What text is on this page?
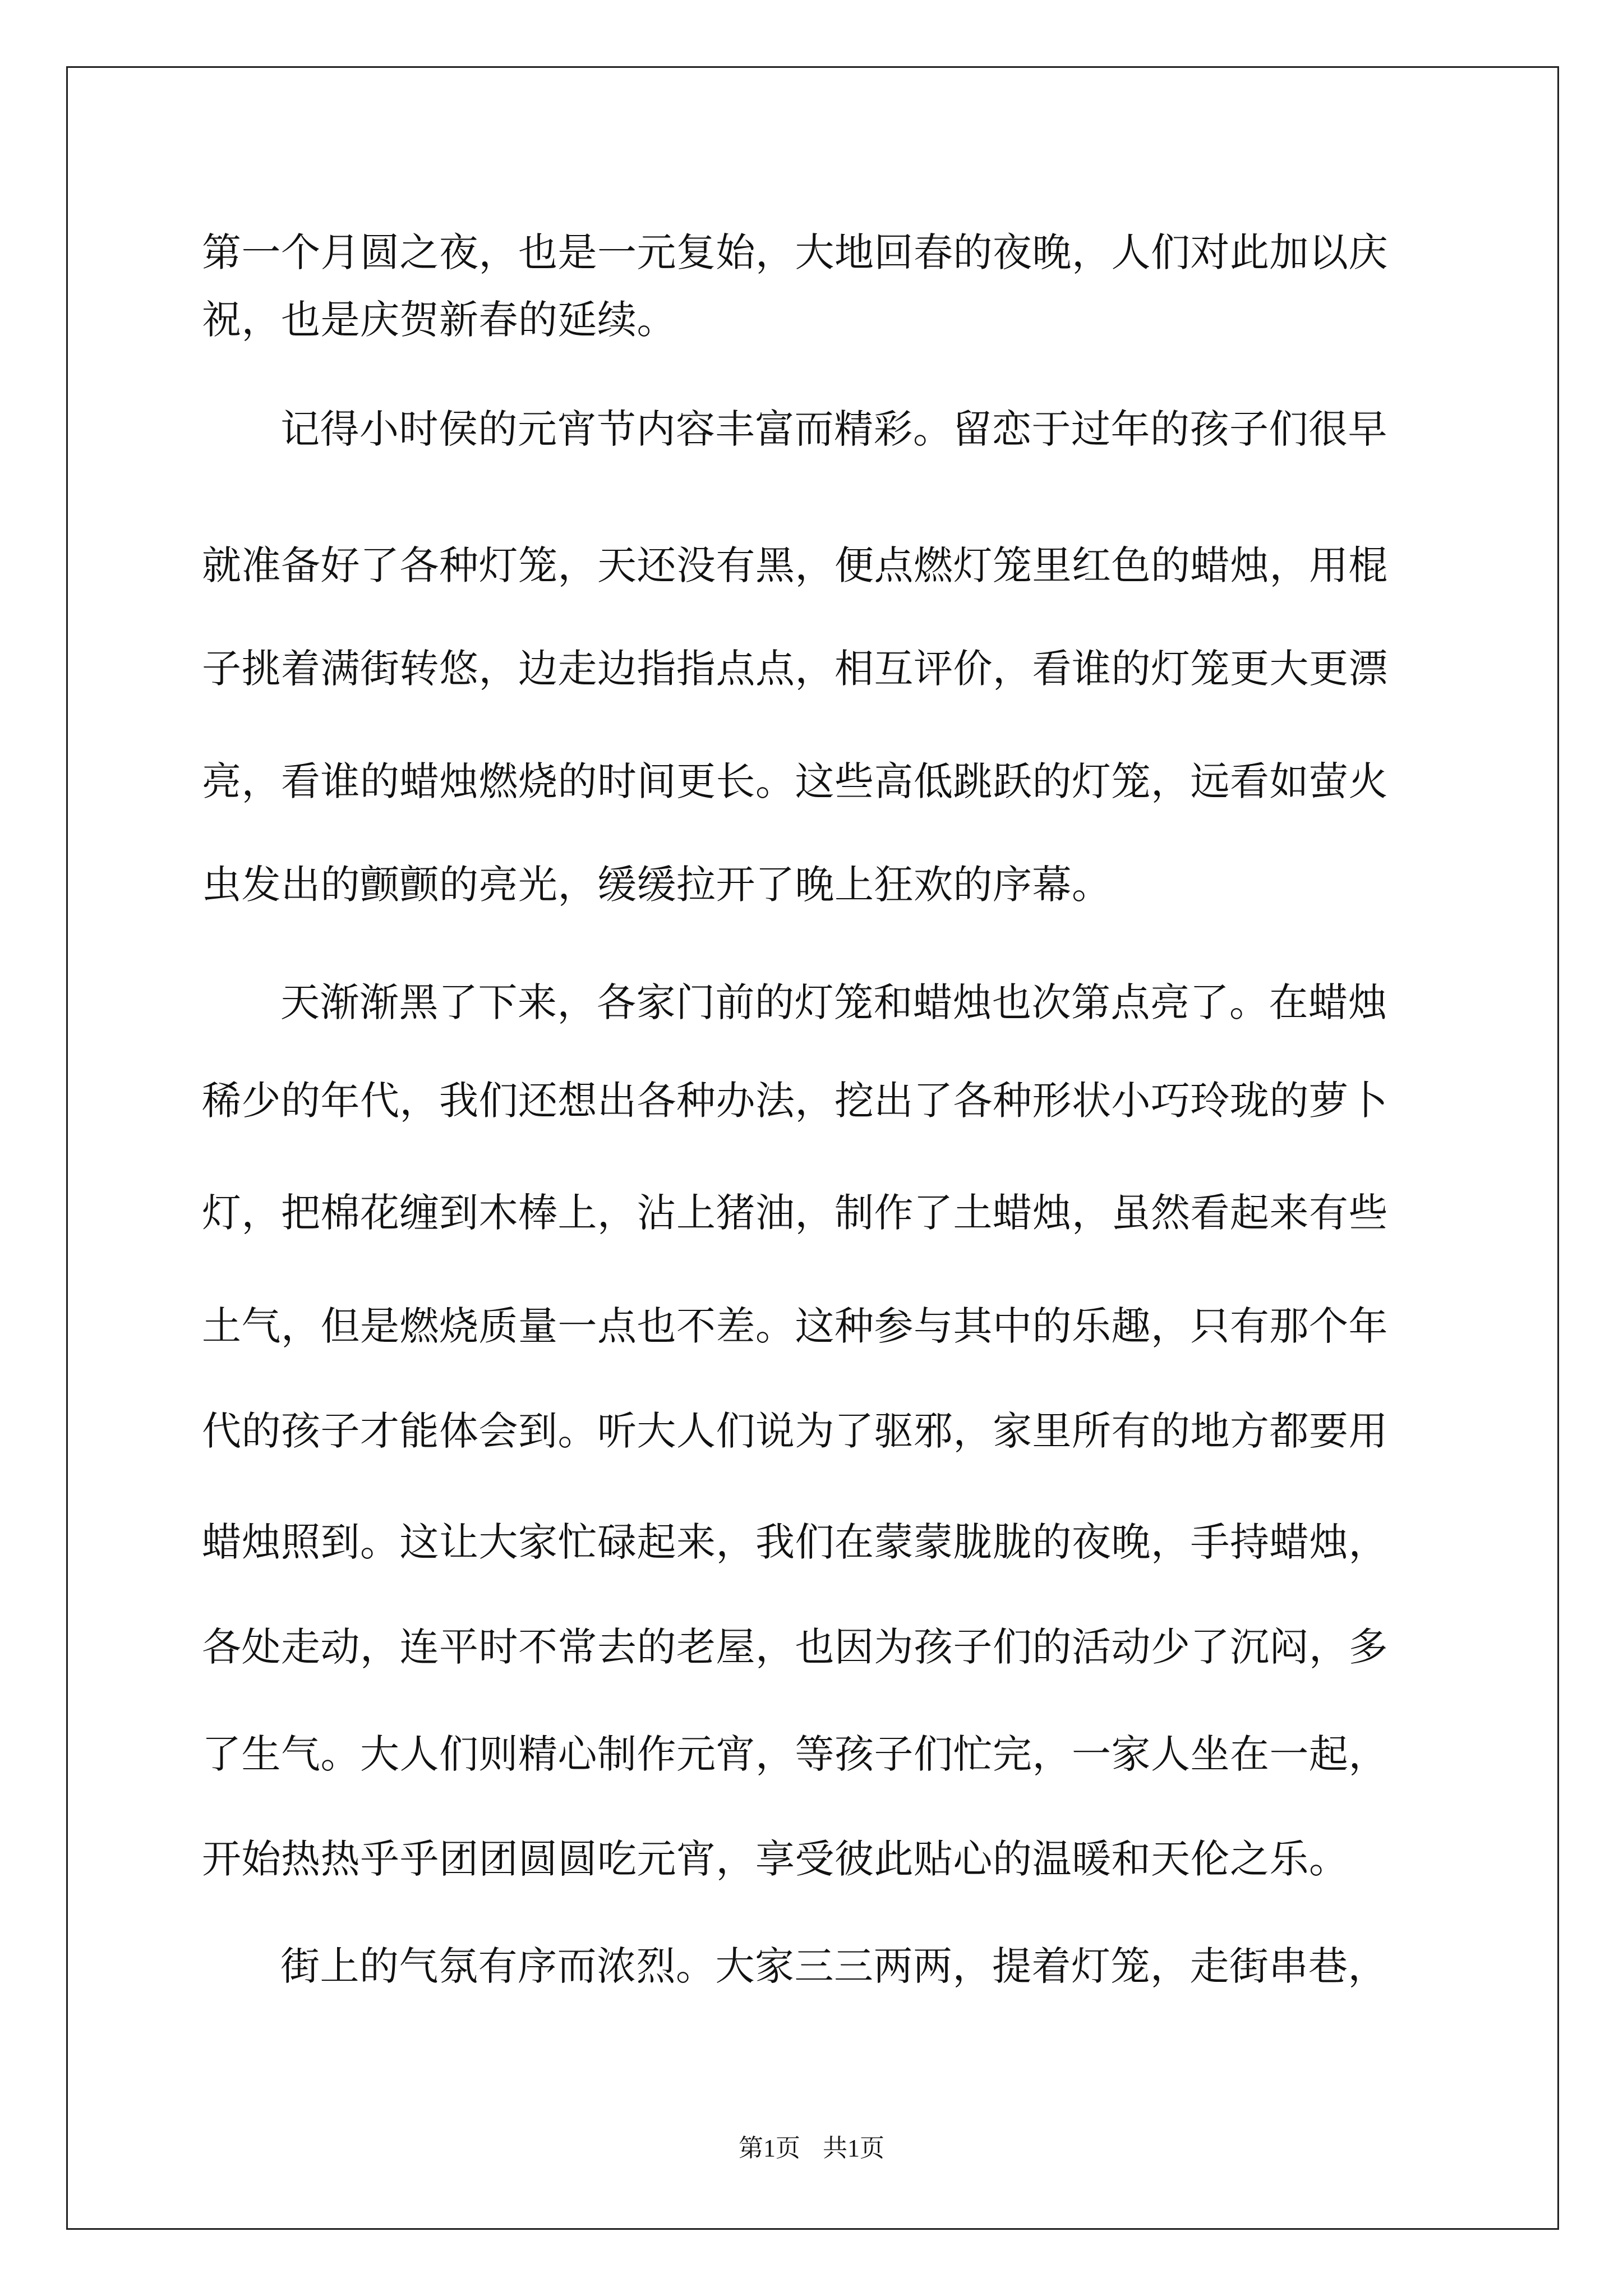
第一个月圆之夜，也是一元复始，大地回春的夜晚，人们对此加以庆
祝，也是庆贺新春的延续。
记得小时侯的元宵节内容丰富而精彩。留恋于过年的孩子们很早
就准备好了各种灯笼，天还没有黑，便点燃灯笼里红色的蜡烛，用棍
子挑着满街转悠，边走边指指点点，相互评价，看谁的灯笼更大更漂
亮，看谁的蜡烛燃烧的时间更长。这些高低跳跃的灯笼，远看如萤火
虫发出的颤颤的亮光，缓缓拉开了晚上狂欢的序幕。
天渐渐黑了下来，各家门前的灯笼和蜡烛也次第点亮了。在蜡烛
稀少的年代，我们还想出各种办法，挖出了各种形状小巧玲珑的萝卜
灯，把棉花缠到木棒上，沾上猪油，制作了土蜡烛，虽然看起来有些
土气，但是燃烧质量一点也不差。这种参与其中的乐趣，只有那个年
代的孩子才能体会到。听大人们说为了驱邪，家里所有的地方都要用
蜡烛照到。这让大家忙碌起来，我们在蒙蒙胧胧的夜晚，手持蜡烛，
各处走动，连平时不常去的老屋，也因为孩子们的活动少了沉闷，多
了生气。大人们则精心制作元宵，等孩子们忙完，一家人坐在一起，
开始热热乎乎团团圆圆吃元宵，享受彼此贴心的温暖和天伦之乐。
街上的气氛有序而浓烈。大家三三两两，提着灯笼，走街串巷，
第1页 共1页
